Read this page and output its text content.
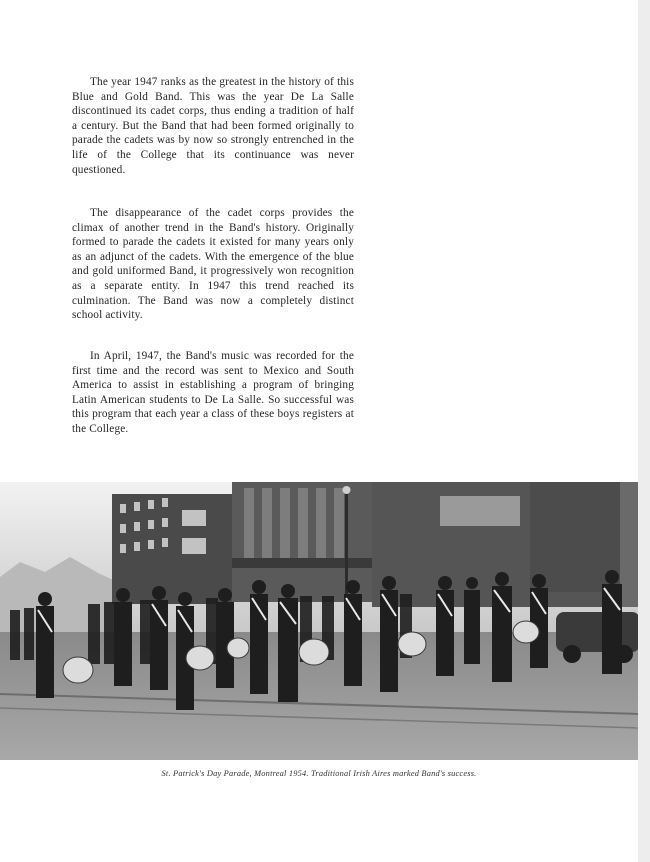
The year 1947 ranks as the greatest in the history of this Blue and Gold Band. This was the year De La Salle discontinued its cadet corps, thus ending a tradition of half a century. But the Band that had been formed originally to parade the cadets was by now so strongly entrenched in the life of the College that its continuance was never questioned.

The disappearance of the cadet corps provides the climax of another trend in the Band's history. Originally formed to parade the cadets it existed for many years only as an adjunct of the cadets. With the emergence of the blue and gold uniformed Band, it progressively won recognition as a separate entity. In 1947 this trend reached its culmination. The Band was now a completely distinct school activity.

In April, 1947, the Band's music was recorded for the first time and the record was sent to Mexico and South America to assist in establishing a program of bringing Latin American students to De La Salle. So successful was this program that each year a class of these boys registers at the College.

St. Patrick's Day Parade, Montreal 1954. Traditional Irish Aires marked Band's success.
